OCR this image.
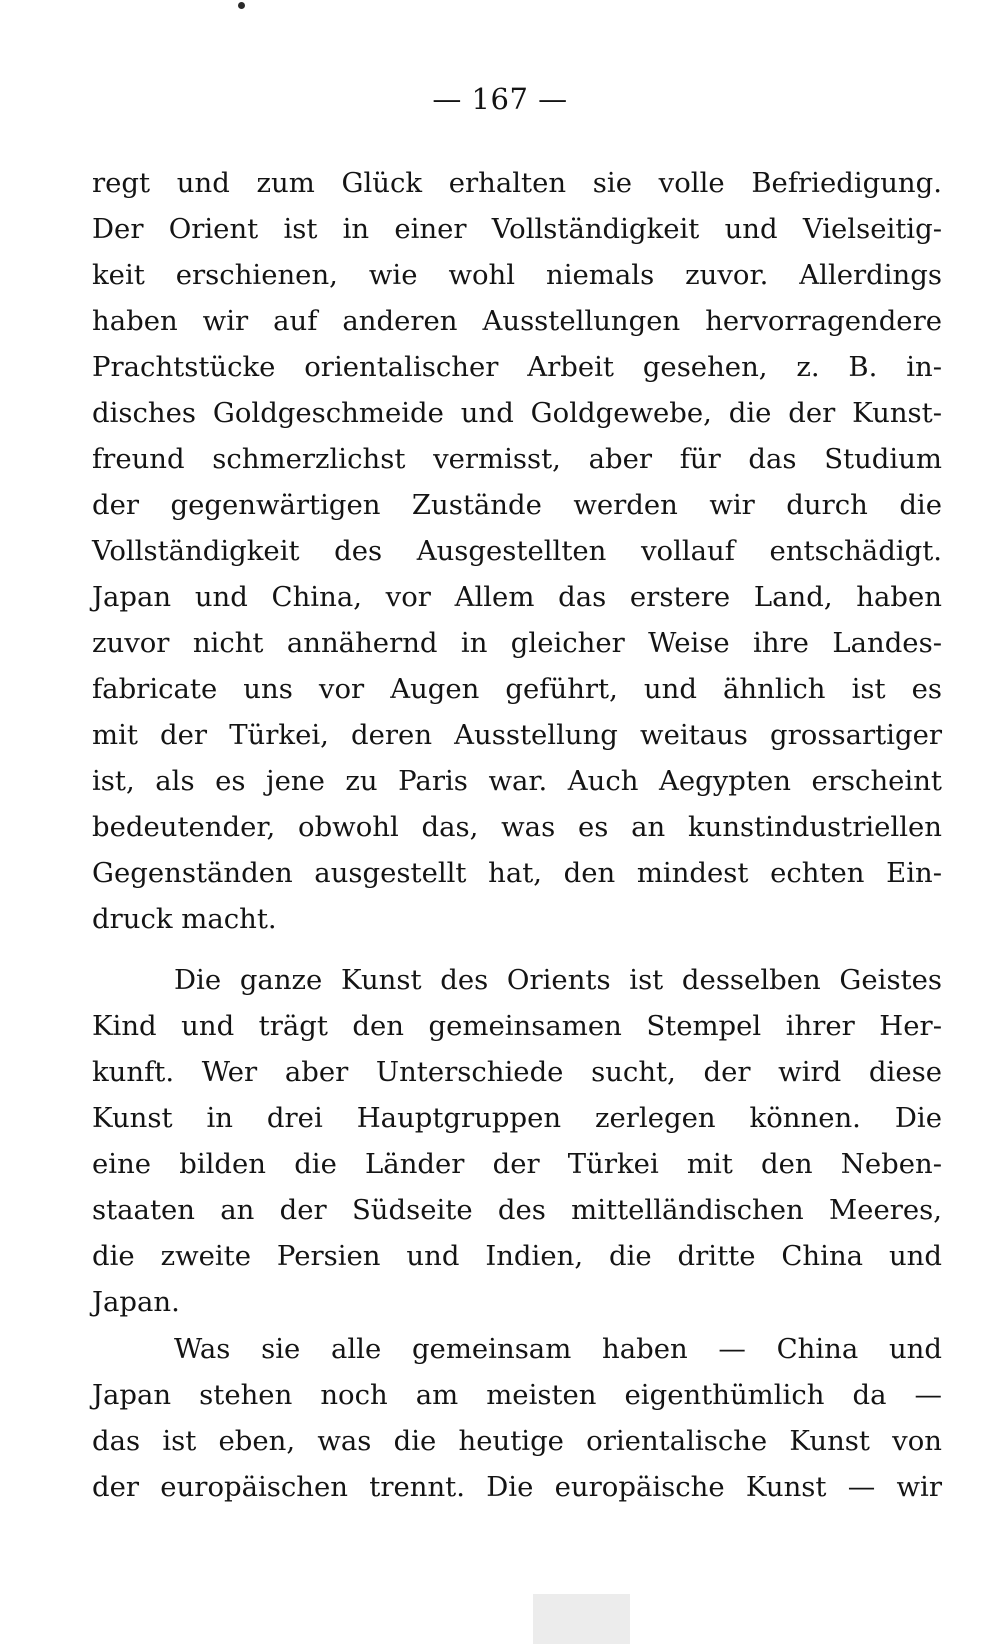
— 167 —
regt und zum Glück erhalten sie volle Befriedigung.
Der Orient ist in einer Vollständigkeit und Vielseitig-
keit erschienen, wie wohl niemals zuvor. Allerdings
haben wir auf anderen Ausstellungen hervorragendere
Prachtstücke orientalischer Arbeit gesehen, z. B. in-
disches Goldgeschmeide und Goldgewebe, die der Kunst-
freund schmerzlichst vermisst, aber für das Studium
der gegenwärtigen Zustände werden wir durch die
Vollständigkeit des Ausgestellten vollauf entschädigt.
Japan und China, vor Allem das erstere Land, haben
zuvor nicht annähernd in gleicher Weise ihre Landes-
fabricate uns vor Augen geführt, und ähnlich ist es
mit der Türkei, deren Ausstellung weitaus grossartiger
ist, als es jene zu Paris war. Auch Aegypten erscheint
bedeutender, obwohl das, was es an kunstindustriellen
Gegenständen ausgestellt hat, den mindest echten Ein-
druck macht.
Die ganze Kunst des Orients ist desselben Geistes
Kind und trägt den gemeinsamen Stempel ihrer Her-
kunft. Wer aber Unterschiede sucht, der wird diese
Kunst in drei Hauptgruppen zerlegen können. Die
eine bilden die Länder der Türkei mit den Neben-
staaten an der Südseite des mittelländischen Meeres,
die zweite Persien und Indien, die dritte China und
Japan.
Was sie alle gemeinsam haben — China und
Japan stehen noch am meisten eigenthümlich da —
das ist eben, was die heutige orientalische Kunst von
der europäischen trennt. Die europäische Kunst — wir
